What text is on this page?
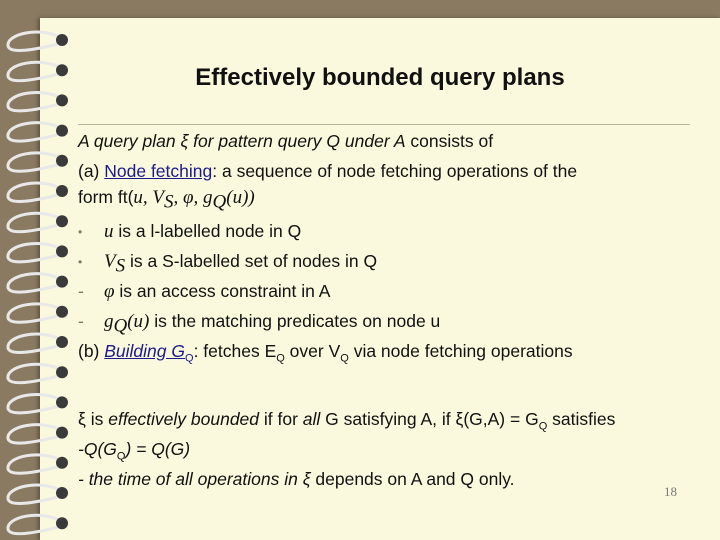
Effectively bounded query plans
A query plan ξ for pattern query Q under A consists of
(a) Node fetching: a sequence of node fetching operations of the
form ft(u, $V_S$, φ, $g_Q(u)$)
• u is a l-labelled node in Q
• $V_S$ is a S-labelled set of nodes in Q
- φ is an access constraint in A
- $g_Q(u)$ is the matching predicates on node u
(b) Building $G_Q$: fetches $E_Q$ over $V_Q$ via node fetching operations
ξ is effectively bounded if for all G satisfying A, if $\xi(G,A) = G_Q$ satisfies
$-Q(G_Q) = Q(G)$
- the time of all operations in ξ depends on A and Q only.
18
